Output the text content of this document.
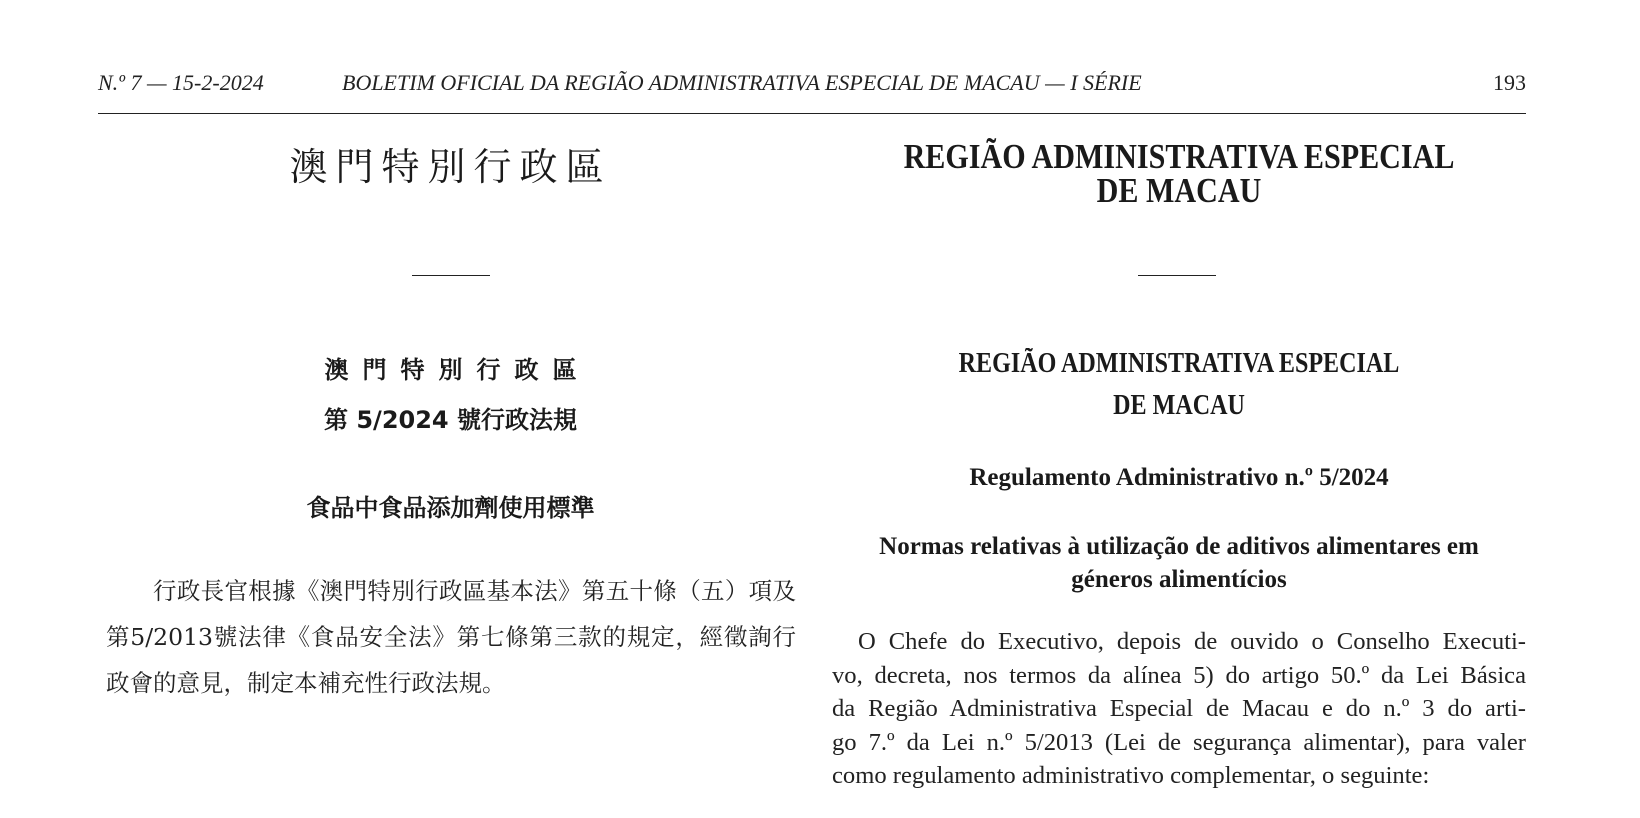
N.º 7 — 15-2-2024	BOLETIM OFICIAL DA REGIÃO ADMINISTRATIVA ESPECIAL DE MACAU — I SÉRIE	193
澳門特別行政區
澳門特別行政區
第 5/2024 號行政法規
食品中食品添加劑使用標準
行政長官根據《澳門特別行政區基本法》第五十條（五）項及第5/2013號法律《食品安全法》第七條第三款的規定，經徵詢行政會的意見，制定本補充性行政法規。
REGIÃO ADMINISTRATIVA ESPECIAL
DE MACAU
REGIÃO ADMINISTRATIVA ESPECIAL
DE MACAU
Regulamento Administrativo n.º 5/2024
Normas relativas à utilização de aditivos alimentares em géneros alimentícios
O Chefe do Executivo, depois de ouvido o Conselho Executi-
vo, decreta, nos termos da alínea 5) do artigo 50.º da Lei Básica
da Região Administrativa Especial de Macau e do n.º 3 do arti-
go 7.º da Lei n.º 5/2013 (Lei de segurança alimentar), para valer
como regulamento administrativo complementar, o seguinte:
